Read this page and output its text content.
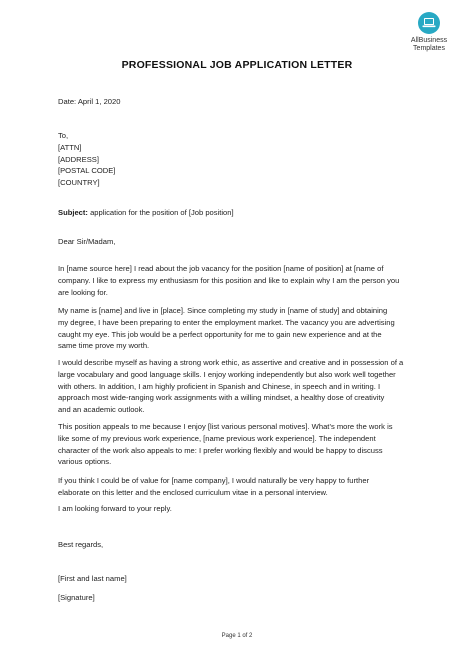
AllBusiness
Templates
PROFESSIONAL JOB APPLICATION LETTER
Date: April 1, 2020

To,

[ATTN]

[ADDRESS]

[POSTAL CODE]

[COUNTRY]

Subject: application for the position of [Job position]
Dear Sir/Madam,

In [name source here] I read about the job vacancy for the position [name of position] at [name of

company. I like to express my enthusiasm for this position and like to explain why I am the person you

are looking for.

My name is [name] and live in [place]. Since completing my study in [name of study] and obtaining

my degree, I have been preparing to enter the employment market. The vacancy you are advertising

caught my eye. This job would be a perfect opportunity for me to gain new experience and at the

same time prove my worth.

I would describe myself as having a strong work ethic, as assertive and creative and in possession of a

large vocabulary and good language skills. I enjoy working independently but also work well together

with others. In addition, I am highly proficient in Spanish and Chinese, in speech and in writing. I

approach most wide-ranging work assignments with a willing mindset, a healthy dose of creativity

and an academic outlook.

This position appeals to me because I enjoy [list various personal motives]. What’s more the work is

like some of my previous work experience, [name previous work experience]. The independent

character of the work also appeals to me: I prefer working flexibly and would be happy to discuss

various options.

If you think I could be of value for [name company], I would naturally be very happy to further

elaborate on this letter and the enclosed curriculum vitae in a personal interview.

I am looking forward to your reply.

Best regards,
[First and last name]
[Signature]
Page 1 of 2
